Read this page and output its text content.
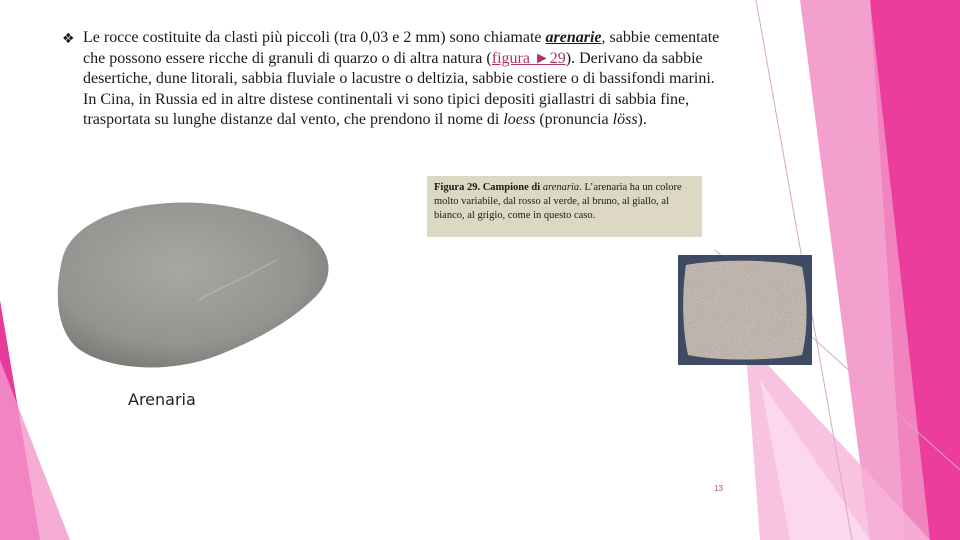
❖ Le rocce costituite da clasti più piccoli (tra 0,03 e 2 mm) sono chiamate arenarie, sabbie cementate che possono essere ricche di granuli di quarzo o di altra natura (figura ►29). Derivano da sabbie desertiche, dune litorali, sabbia fluviale o lacustre o deltizia, sabbie costiere o di bassifondi marini. In Cina, in Russia ed in altre distese continentali vi sono tipici depositi giallastri di sabbia fine, trasportata su lunghe distanze dal vento, che prendono il nome di loess (pronuncia löss).
Figura 29. Campione di arenaria. L’arenaria ha un colore molto variabile, dal rosso al verde, al bruno, al giallo, al bianco, al grigio, come in questo caso.
Arenaria
13
